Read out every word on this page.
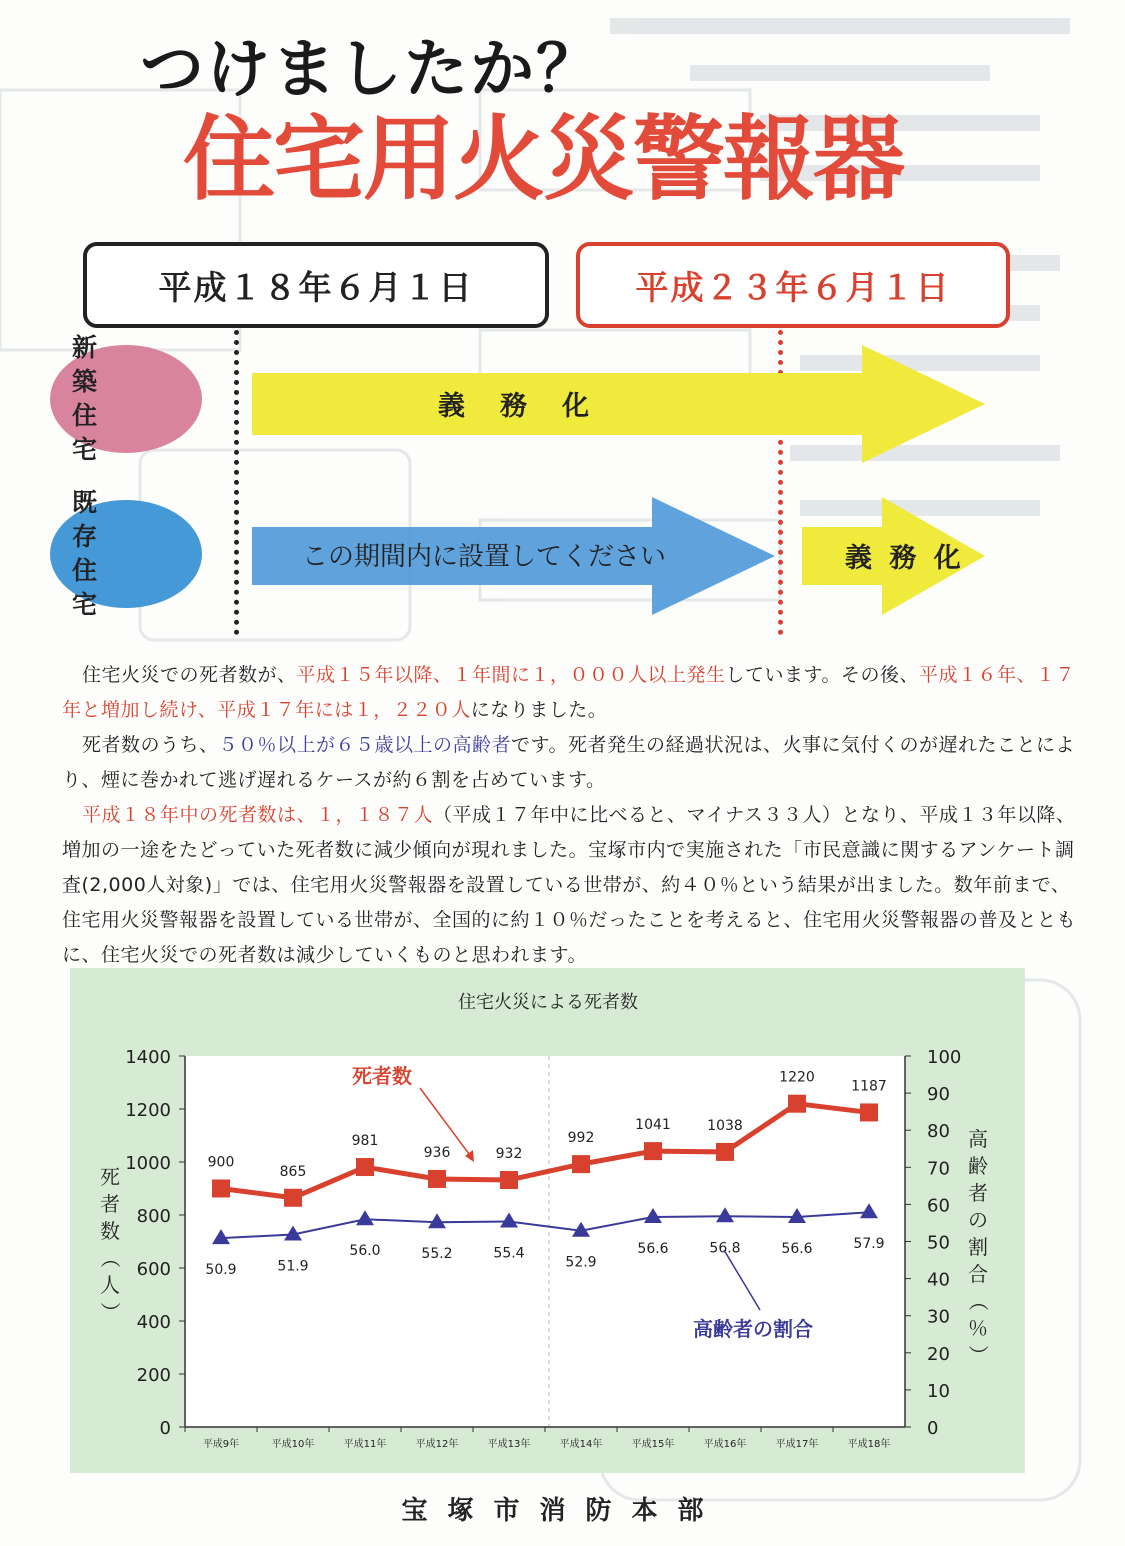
つけましたか？
住宅用火災警報器
平成１８年６月１日	平成２３年６月１日
新　築
住　宅
既　存
住　宅
義　務　化
この期間内に設置してください	義 務 化

住宅火災での死者数が、平成１５年以降、１年間に１，０００人以上発生しています。その後、平成１６年、１７年と増加し続け、平成１７年には１，２２０人になりました。

死者数のうち、５０％以上が６５歳以上の高齢者です。死者発生の経過状況は、火事に気付くのが遅れたことにより、煙に巻かれて逃げ遅れるケースが約６割を占めています。

平成１８年中の死者数は、１，１８７人（平成１７年中に比べると、マイナス３３人）となり、平成１３年以降、増加の一途をたどっていた死者数に減少傾向が現れました。宝塚市内で実施された「市民意識に関するアンケート調査(2,000人対象)」では、住宅用火災警報器を設置している世帯が、約４０％という結果が出ました。数年前まで、住宅用火災警報器を設置している世帯が、全国的に約１０％だったことを考えると、住宅用火災警報器の普及とともに、住宅火災での死者数は減少していくものと思われます。

住宅火災による死者数
0
200
400
600
800
1000
1200
1400
0
10
20
30
40
50
60
70
80
90
100
平成9年	平成10年	平成11年	平成12年	平成13年	平成14年	平成15年	平成16年	平成17年	平成18年
死
者
数
（
人
）
高
齢
者
の
割
合
（
％
）
900
865
981
936	932
992
1041	1038
1220
1187
50.9	51.9
56.0	55.2	55.4
52.9
56.6	56.8	56.6	57.9
死者数
高齢者の割合
宝塚市消防本部
